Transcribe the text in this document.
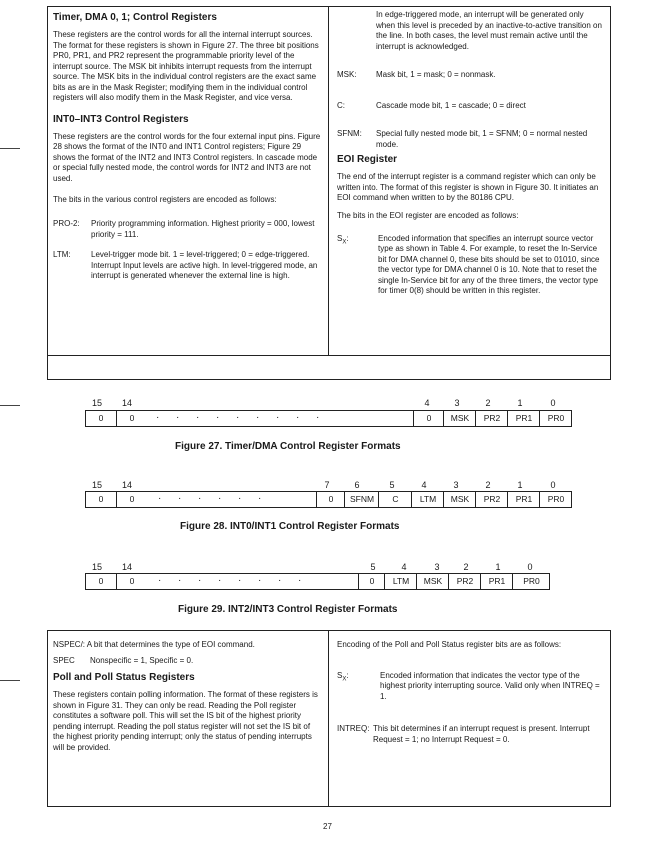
Timer, DMA 0, 1; Control Registers

These registers are the control words for all the internal interrupt sources. The format for these registers is shown in Figure 27. The three bit positions PR0, PR1, and PR2 represent the programmable priority level of the interrupt source. The MSK bit inhibits interrupt requests from the interrupt source. The MSK bits in the individual control registers are the exact same bits as are in the Mask Register; modifying them in the individual control registers will also modify them in the Mask Register, and vice versa.

INT0–INT3 Control Registers

These registers are the control words for the four external input pins. Figure 28 shows the format of the INT0 and INT1 Control registers; Figure 29 shows the format of the INT2 and INT3 Control registers. In cascade mode or special fully nested mode, the control words for INT2 and INT3 are not used.

The bits in the various control registers are encoded as follows:

PRO-2:	Priority programming information. Highest priority = 000, lowest priority = 111.
LTM:	Level-trigger mode bit. 1 = level-triggered; 0 = edge-triggered. Interrupt Input levels are active high. In level-triggered mode, an interrupt is generated whenever the external line is high.

In edge-triggered mode, an interrupt will be generated only when this level is preceded by an inactive-to-active transition on the line. In both cases, the level must remain active until the interrupt is acknowledged.

MSK:	Mask bit, 1 = mask; 0 = nonmask.
C:	Cascade mode bit, 1 = cascade; 0 = direct
SFNM:	Special fully nested mode bit, 1 = SFNM; 0 = normal nested mode.
EOI Register

The end of the interrupt register is a command register which can only be written into. The format of this register is shown in Figure 30. It initiates an EOI command when written to by the 80186 CPU.

The bits in the EOI register are encoded as follows:

$S_X$:	Encoded information that specifies an interrupt source vector type as shown in Table 4. For example, to reset the In-Service bit for DMA channel 0, these bits should be set to 01010, since the vector type for DMA channel 0 is 10. Note that to reset the single In-Service bit for any of the three timers, the vector type for timer 0(8) should be written in this register.
15	14	4	3	2	1	0
0	0	·      ·      ·      ·      ·      ·      ·      ·      ·	0	MSK	PR2	PR1	PR0
Figure 27. Timer/DMA Control Register Formats
15	14	7	6	5	4	3	2	1	0
0	0	·      ·      ·      ·      ·      ·	0	SFNM	C	LTM	MSK	PR2	PR1	PR0
Figure 28. INT0/INT1 Control Register Formats
15	14	5	4	3	2	1	0
0	0	·      ·      ·      ·      ·      ·      ·      ·	0	LTM	MSK	PR2	PR1	PR0
Figure 29. INT2/INT3 Control Register Formats

NSPEC/: A bit that determines the type of EOI command.

SPEC	Nonspecific = 1, Specific = 0.
Poll and Poll Status Registers

These registers contain polling information. The format of these registers is shown in Figure 31. They can only be read. Reading the Poll register constitutes a software poll. This will set the IS bit of the highest priority pending interrupt. Reading the poll status register will not set the IS bit of the highest priority pending interrupt; only the status of pending interrupts will be provided.

Encoding of the Poll and Poll Status register bits are as follows:

$S_X$:	Encoded information that indicates the vector type of the highest priority interrupting source. Valid only when INTREQ = 1.
INTREQ: This bit determines if an interrupt request is present. Interrupt Request = 1; no Interrupt Request = 0.
27
